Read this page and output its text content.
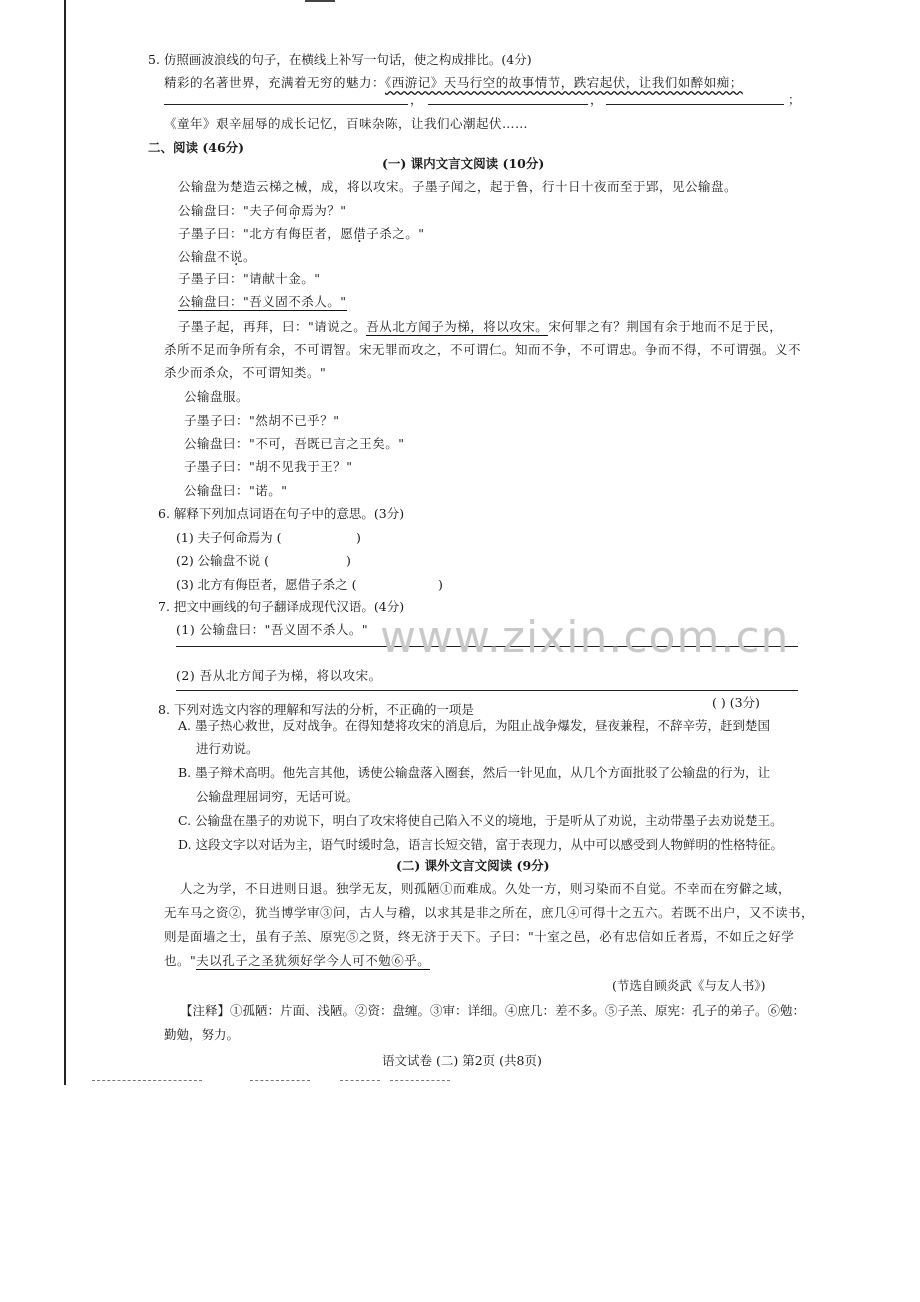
5. 仿照画波浪线的句子，在横线上补写一句话，使之构成排比。(4分)
精彩的名著世界，充满着无穷的魅力：《西游记》天马行空的故事情节，跌宕起伏，让我们如醉如痴；
，	，	；
《童年》艰辛屈辱的成长记忆，百味杂陈，让我们心潮起伏……
二、阅读 (46分)
(一) 课内文言文阅读 (10分)
公输盘为楚造云梯之械，成，将以攻宋。子墨子闻之，起于鲁，行十日十夜而至于郢，见公输盘。
公输盘曰："夫子何命焉为？"
子墨子曰："北方有侮臣者，愿借子杀之。"
公输盘不说。
子墨子曰："请献十金。"
公输盘曰："吾义固不杀人。"
子墨子起，再拜，曰："请说之。吾从北方闻子为梯，将以攻宋。宋何罪之有？荆国有余于地而不足于民，
杀所不足而争所有余，不可谓智。宋无罪而攻之，不可谓仁。知而不争，不可谓忠。争而不得，不可谓强。义不
杀少而杀众，不可谓知类。"
公输盘服。
子墨子曰："然胡不已乎？"
公输盘曰："不可，吾既已言之王矣。"
子墨子曰："胡不见我于王？"
公输盘曰："诺。"
6. 解释下列加点词语在句子中的意思。(3分)
(1) 夫子何命焉为 (	)
(2) 公输盘不说 (	)
(3) 北方有侮臣者，愿借子杀之 (	)
7. 把文中画线的句子翻译成现代汉语。(4分)
(1) 公输盘曰："吾义固不杀人。" www.zixin.com.cn
(2) 吾从北方闻子为梯，将以攻宋。
8. 下列对选文内容的理解和写法的分析，不正确的一项是	( ) (3分)
A. 墨子热心救世，反对战争。在得知楚将攻宋的消息后，为阻止战争爆发，昼夜兼程，不辞辛劳，赶到楚国
进行劝说。
B. 墨子辩术高明。他先言其他，诱使公输盘落入圈套，然后一针见血，从几个方面批驳了公输盘的行为，让
公输盘理屈词穷，无话可说。
C. 公输盘在墨子的劝说下，明白了攻宋将使自己陷入不义的境地，于是听从了劝说，主动带墨子去劝说楚王。
D. 这段文字以对话为主，语气时缓时急，语言长短交错，富于表现力，从中可以感受到人物鲜明的性格特征。
(二) 课外文言文阅读 (9分)
人之为学，不日进则日退。独学无友，则孤陋①而难成。久处一方，则习染而不自觉。不幸而在穷僻之域，
无车马之资②，犹当博学审③问，古人与稽，以求其是非之所在，庶几④可得十之五六。若既不出户，又不读书，
则是面墙之士，虽有子羔、原宪⑤之贤，终无济于天下。子曰："十室之邑，必有忠信如丘者焉，不如丘之好学
也。"夫以孔子之圣犹须好学今人可不勉⑥乎。
(节选自顾炎武《与友人书》)
【注释】①孤陋：片面、浅陋。②资：盘缠。③审：详细。④庶几：差不多。⑤子羔、原宪：孔子的弟子。⑥勉：
勤勉，努力。
语文试卷 (二) 第2页 (共8页)
